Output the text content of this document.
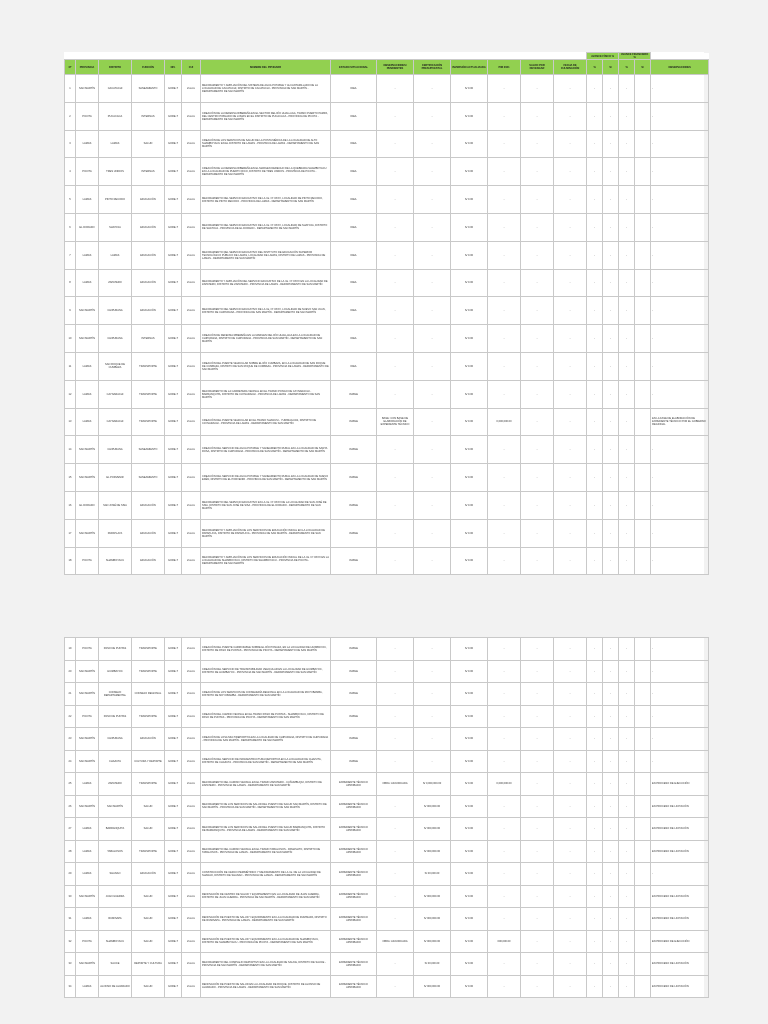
														AVANCE FÍSICO %		AVANCE FINANCIERO %		
Nº	PROVINCIA	DISTRITO	FUNCIÓN	NIV.	CUI	NOMBRE DEL PIP/IOARR	ESTADO SITUACIONAL	OBSERVACIONES/ PENDIENTES	CERTIFICACIÓN PRESUPUESTAL	INVERSIÓN ACTUALIZADA	PIM 2021	SALDO POR DEVENGAR	FECHA DE CULMINACIÓN	%	S/	%	S/	OBSERVACIONES
1	SAN MARTÍN	CACATACHI	SANEAMIENTO	GORE-T	2xxxxx	MEJORAMIENTO Y AMPLIACIÓN DEL SISTEMA DE AGUA POTABLE Y ALCANTARILLADO DE LA LOCALIDAD DE CACATACHI, DISTRITO DE CACATACHI - PROVINCIA DE SAN MARTÍN - DEPARTAMENTO DE SAN MARTÍN	IDEA	-	-	S/ 0.00	-	-	-	-	-	-		-
2	PICOTA	PUCACACA	INTERNAS	GORE-T	2xxxxx	CREACIÓN DE LA DEFENSA RIBEREÑA EN EL SECTOR DEL RÍO HUALLAGA, TRAMO PUERTO PAMPA, DEL CENTRO POBLADO DE LOMAS EN EL DISTRITO DE PUCACACA - PROVINCIA DE PICOTA - DEPARTAMENTO DE SAN MARTÍN	IDEA	-	-	S/ 0.00	-	-	-	-	-	-		-
3	LAMAS	LAMAS	SALUD	GORE-T	2xxxxx	CREACIÓN DE LOS SERVICIOS DE SALUD DE LA POSTA MÉDICA DE LA LOCALIDAD DE ALTO SHAMBOYACU EN EL DISTRITO DE LAMAS - PROVINCIA DE LAMAS - DEPARTAMENTO DE SAN MARTÍN	IDEA	-	-	S/ 0.00	-	-	-	-	-	-		-
4	PICOTA	TRES UNIDOS	INTERNAS	GORE-T	2xxxxx	CREACIÓN DE LA DEFENSA RIBEREÑA EN EL MARGEN DERECHO DE LA QUEBRADA SHAMBOYACU EN LA LOCALIDAD DE PUERTO RICO, DISTRITO DE TRES UNIDOS - PROVINCIA DE PICOTA - DEPARTAMENTO DE SAN MARTÍN	IDEA	-	-	S/ 0.00	-	-	-	-	-	-		-
5	LAMAS	PINTO RECODO	EDUCACIÓN	GORE-T	2xxxxx	MEJORAMIENTO DEL SERVICIO EDUCATIVO DE LA I.E. Nº 0XXX, LOCALIDAD DE PINTO RECODO, DISTRITO DE PINTO RECODO - PROVINCIA DE LAMAS - DEPARTAMENTO DE SAN MARTÍN	IDEA	-	-	S/ 0.00	-	-	-	-	-	-		-
6	EL DORADO	SHATOJA	EDUCACIÓN	GORE-T	2xxxxx	MEJORAMIENTO DEL SERVICIO EDUCATIVO DE LA I.E. Nº 0XXX, LOCALIDAD DE SHATOJA, DISTRITO DE SHATOJA - PROVINCIA DE EL DORADO - DEPARTAMENTO DE SAN MARTÍN	IDEA	-	-	S/ 0.00	-	-	-	-	-	-		-
7	LAMAS	LAMAS	EDUCACIÓN	GORE-T	2xxxxx	MEJORAMIENTO DEL SERVICIO EDUCATIVO DEL INSTITUTO DE EDUCACIÓN SUPERIOR TECNOLÓGICO PÚBLICO DE LAMAS, LOCALIDAD DE LAMAS, DISTRITO DE LAMAS - PROVINCIA DE LAMAS - DEPARTAMENTO DE SAN MARTÍN	IDEA	-	-	S/ 0.00	-	-	-	-	-	-		-
8	LAMAS	ZAPATERO	EDUCACIÓN	GORE-T	2xxxxx	MEJORAMIENTO Y AMPLIACIÓN DEL SERVICIO EDUCATIVO DE LA I.E. Nº 0XXX EN LA LOCALIDAD DE ZAPATERO, DISTRITO DE ZAPATERO - PROVINCIA DE LAMAS - DEPARTAMENTO DE SAN MARTÍN	IDEA	-	-	S/ 0.00	-	-	-	-	-	-		-
9	SAN MARTÍN	CHIPURANA	EDUCACIÓN	GORE-T	2xxxxx	MEJORAMIENTO DEL SERVICIO EDUCATIVO DE LA I.E. Nº 0XXX, LOCALIDAD DE NUEVO SAN JUAN, DISTRITO DE CHIPURANA - PROVINCIA DE SAN MARTÍN - DEPARTAMENTO DE SAN MARTÍN	IDEA	-	-	S/ 0.00	-	-	-	-	-	-		-
10	SAN MARTÍN	CHIPURANA	INTERNAS	GORE-T	2xxxxx	CREACIÓN DE DEFENSA RIBEREÑA EN LA MARGEN DEL RÍO HUALLAGA EN LA LOCALIDAD DE CHIPURANA, DISTRITO DE CHIPURANA - PROVINCIA DE SAN MARTÍN - DEPARTAMENTO DE SAN MARTÍN	IDEA	-	-	S/ 0.00	-	-	-	-	-	-		-
11	LAMAS	SAN ROQUE DE CUMBAZA	TRANSPORTE	GORE-T	2xxxxx	CREACIÓN DEL PUENTE VEHICULAR SOBRE EL RÍO CUMBAZA, EN LA LOCALIDAD DE SAN ROQUE DE CUMBAZA, DISTRITO DE SAN ROQUE DE CUMBAZA - PROVINCIA DE LAMAS - DEPARTAMENTO DE SAN MARTÍN	IDEA	-	-	S/ 0.00	-	-	-	-	-	-		-
12	LAMAS	CAYNARACHI	TRANSPORTE	GORE-T	2xxxxx	MEJORAMIENTO DE LA CARRETERA VECINAL EN EL TRAMO PONGO DE CAYNARACHI - BARRANQUITA, DISTRITO DE CAYNARACHI - PROVINCIA DE LAMAS - DEPARTAMENTO DE SAN MARTÍN	VIABLE	-	-	S/ 0.00	-	-	-	-	-	-		-
13	LAMAS	CAYNARACHI	TRANSPORTE	GORE-T	2xxxxx	CREACIÓN DEL PUENTE VEHICULAR EN EL TRAMO SHANUSI - YURIMAGUAS, DISTRITO DE CAYNARACHI - PROVINCIA DE LAMAS - DEPARTAMENTO DE SAN MARTÍN	VIABLE	BASE: CON BASE DE ELABORACIÓN DE EXPEDIENTE TÉCNICO	-	S/ 0.00	0,000,000.00	-	-	-	-	-		EN LA FASE DE ELABORACIÓN DE EXPEDIENTE TÉCNICO POR EL GOBIERNO REGIONAL
14	SAN MARTÍN	CHIPURANA	SANEAMIENTO	GORE-T	2xxxxx	CREACIÓN DEL SERVICIO DE AGUA POTABLE Y SANEAMIENTO RURAL EN LA LOCALIDAD DE SANTA ROSA, DISTRITO DE CHIPURANA - PROVINCIA DE SAN MARTÍN - DEPARTAMENTO DE SAN MARTÍN	VIABLE	-	-	S/ 0.00	-	-	-	-	-	-		-
15	SAN MARTÍN	EL PORVENIR	SANEAMIENTO	GORE-T	2xxxxx	CREACIÓN DEL SERVICIO DE AGUA POTABLE Y SANEAMIENTO RURAL EN LA LOCALIDAD DE NUEVO EDÉN, DISTRITO DE EL PORVENIR - PROVINCIA DE SAN MARTÍN - DEPARTAMENTO DE SAN MARTÍN	VIABLE	-	-	S/ 0.00	-	-	-	-	-	-		-
16	EL DORADO	SAN JOSÉ DE SISA	EDUCACIÓN	GORE-T	2xxxxx	MEJORAMIENTO DEL SERVICIO EDUCATIVO EN LA I.E. Nº 0XXX DE LA LOCALIDAD DE SAN JOSÉ DE SISA, DISTRITO DE SAN JOSÉ DE SISA - PROVINCIA DE EL DORADO - DEPARTAMENTO DE SAN MARTÍN	VIABLE	-	-	S/ 0.00	-	-	-	-	-	-		-
17	SAN MARTÍN	PAPAPLAYA	EDUCACIÓN	GORE-T	2xxxxx	MEJORAMIENTO Y AMPLIACIÓN DE LOS SERVICIOS DE EDUCACIÓN INICIAL EN LA LOCALIDAD DE PAPAPLAYA, DISTRITO DE PAPAPLAYA - PROVINCIA DE SAN MARTÍN - DEPARTAMENTO DE SAN MARTÍN	VIABLE	-	-	S/ 0.00	-	-	-	-	-	-		-
18	PICOTA	SHAMBOYACU	EDUCACIÓN	GORE-T	2xxxxx	MEJORAMIENTO Y AMPLIACIÓN DE LOS SERVICIOS DE EDUCACIÓN INICIAL DE LA I.E. Nº 0XXX EN LA LOCALIDAD DE SHAMBOYACU, DISTRITO DE SHAMBOYACU - PROVINCIA DE PICOTA - DEPARTAMENTO DE SAN MARTÍN	VIABLE	-	-	S/ 0.00	-	-	-	-	-	-		-
19	PICOTA	PASO DE PUNTAS	TRANSPORTE	GORE-T	2xxxxx	CREACIÓN DEL PUENTE CARROZABLE SOBRE EL RÍO PONAZA, EN LA LOCALIDAD DE HUIMBAYOC, DISTRITO DE PASO DE PUNTAS - PROVINCIA DE PICOTA - DEPARTAMENTO DE SAN MARTÍN	VIABLE	-	-	S/ 0.00	-	-	-	-	-	-		-
20	SAN MARTÍN	HUIMBAYOC	TRANSPORTE	GORE-T	2xxxxx	CREACIÓN DEL SERVICIO DE TRANSITABILIDAD VEHICULAR EN LA LOCALIDAD DE HUIMBAYOC, DISTRITO DE HUIMBAYOC - PROVINCIA DE SAN MARTÍN - DEPARTAMENTO DE SAN MARTÍN	VIABLE	-	-	S/ 0.00	-	-	-	-	-	-		-
21	SAN MARTÍN	CONSEJO DEPARTAMENTAL	CONSEJO REGIONAL	GORE-T	2xxxxx	CREACIÓN DE LOS SERVICIOS DE CONSEJERÍA REGIONAL EN LA LOCALIDAD DE MOYOBAMBA, DISTRITO DE MOYOBAMBA - DEPARTAMENTO DE SAN MARTÍN	VIABLE	-	-	S/ 0.00	-	-	-	-	-	-		-
22	PICOTA	PASO DE PUNTAS	TRANSPORTE	GORE-T	2xxxxx	CREACIÓN DEL CAMINO VECINAL EN EL TRAMO PASO DE PUNTAS - SHAMBOYACU, DISTRITO DE PASO DE PUNTAS - PROVINCIA DE PICOTA - DEPARTAMENTO DE SAN MARTÍN	VIABLE	-	-	S/ 0.00	-	-	-	-	-	-		-
23	SAN MARTÍN	CHIPURANA	EDUCACIÓN	GORE-T	2xxxxx	CREACIÓN DE LOSA MULTIDEPORTIVA EN LA LOCALIDAD DE CHIPURANA, DISTRITO DE CHIPURANA - PROVINCIA DE SAN MARTÍN - DEPARTAMENTO DE SAN MARTÍN	VIABLE	-	-	S/ 0.00	-	-	-	-	-	-		-
24	SAN MARTÍN	CHAZUTA	CULTURA Y DEPORTE	GORE-T	2xxxxx	CREACIÓN DEL SERVICIO DE INFRAESTRUCTURA DEPORTIVA EN LA LOCALIDAD DE CHAZUTA, DISTRITO DE CHAZUTA - PROVINCIA DE SAN MARTÍN - DEPARTAMENTO DE SAN MARTÍN	VIABLE	-	-	S/ 0.00	-	-	-	-	-	-		-
25	LAMAS	ZAPATERO	TRANSPORTE	GORE-T	2xxxxx	MEJORAMIENTO DEL CAMINO VECINAL EN EL TRAMO ZAPATERO - CUÑUMBUQUI, DISTRITO DE ZAPATERO - PROVINCIA DE LAMAS - DEPARTAMENTO DE SAN MARTÍN	EXPEDIENTE TÉCNICO APROBADO	OBRA: ADJUDICADA	S/ 0,000,000.00	S/ 0.00	0,000,000.00	-	-	-	-	-		EN PROCESO DE EJECUCIÓN
26	SAN MARTÍN	SAN MARTÍN	SALUD	GORE-T	2xxxxx	MEJORAMIENTO DE LOS SERVICIOS DE SALUD DEL PUESTO DE SALUD SAN MARTÍN, DISTRITO DE SAN MARTÍN - PROVINCIA DE SAN MARTÍN - DEPARTAMENTO DE SAN MARTÍN	EXPEDIENTE TÉCNICO APROBADO	-	S/ 000,000.00	S/ 0.00	-	-	-	-	-	-		EN PROCESO DE LICITACIÓN
27	LAMAS	BARRANQUITA	SALUD	GORE-T	2xxxxx	MEJORAMIENTO DE LOS SERVICIOS DE SALUD DEL PUESTO DE SALUD BARRANQUITA, DISTRITO DE BARRANQUITA - PROVINCIA DE LAMAS - DEPARTAMENTO DE SAN MARTÍN	EXPEDIENTE TÉCNICO APROBADO	-	S/ 000,000.00	S/ 0.00	-	-	-	-	-	-		EN PROCESO DE LICITACIÓN
28	LAMAS	TABALOSOS	TRANSPORTE	GORE-T	2xxxxx	MEJORAMIENTO DEL CAMINO VECINAL EN EL TRAMO TABALOSOS - PAMASHTO, DISTRITO DE TABALOSOS - PROVINCIA DE LAMAS - DEPARTAMENTO DE SAN MARTÍN	EXPEDIENTE TÉCNICO APROBADO	-	S/ 000,000.00	S/ 0.00	-	-	-	-	-	-		EN PROCESO DE LICITACIÓN
29	LAMAS	SHANAO	EDUCACIÓN	GORE-T	2xxxxx	CONSTRUCCIÓN DE CERCO PERIMÉTRICO Y MEJORAMIENTO DE LA I.E. DE LA LOCALIDAD DE SHANAO, DISTRITO DE SHANAO - PROVINCIA DE LAMAS - DEPARTAMENTO DE SAN MARTÍN	EXPEDIENTE TÉCNICO APROBADO	-	S/ 00,000.00	S/ 0.00	-	-	-	-	-	-		-
30	SAN MARTÍN	JUAN GUERRA	SALUD	GORE-T	2xxxxx	RENOVACIÓN DE CENTRO DE SALUD Y EQUIPAMIENTO EN LA LOCALIDAD DE JUAN GUERRA, DISTRITO DE JUAN GUERRA - PROVINCIA DE SAN MARTÍN - DEPARTAMENTO DE SAN MARTÍN	EXPEDIENTE TÉCNICO APROBADO	-	S/ 000,000.00	S/ 0.00	-	-	-	-	-	-		EN PROCESO DE LICITACIÓN
31	LAMAS	RUMISAPA	SALUD	GORE-T	2xxxxx	RENOVACIÓN DE PUESTO DE SALUD Y EQUIPAMIENTO EN LA LOCALIDAD DE RUMISAPA, DISTRITO DE RUMISAPA - PROVINCIA DE LAMAS - DEPARTAMENTO DE SAN MARTÍN	EXPEDIENTE TÉCNICO APROBADO	-	S/ 000,000.00	S/ 0.00	-	-	-	-	-	-		EN PROCESO DE LICITACIÓN
32	PICOTA	SHAMBOYACU	SALUD	GORE-T	2xxxxx	RENOVACIÓN DE PUESTO DE SALUD Y EQUIPAMIENTO EN LA LOCALIDAD DE SHAMBOYACU, DISTRITO DE SHAMBOYACU - PROVINCIA DE PICOTA - DEPARTAMENTO DE SAN MARTÍN	EXPEDIENTE TÉCNICO APROBADO	OBRA: ADJUDICADA	S/ 000,000.00	S/ 0.00	000,000.00	-	-	-	-	-		EN PROCESO DE EJECUCIÓN
33	SAN MARTÍN	SAUCE	DEPORTE Y CULTURA	GORE-T	2xxxxx	MEJORAMIENTO DEL COMPLEJO DEPORTIVO EN LA LOCALIDAD DE SAUCE, DISTRITO DE SAUCE - PROVINCIA DE SAN MARTÍN - DEPARTAMENTO DE SAN MARTÍN	EXPEDIENTE TÉCNICO APROBADO	-	S/ 00,000.00	S/ 0.00	-	-	-	-	-	-		EN PROCESO DE LICITACIÓN
34	LAMAS	ALONSO DE ALVARADO	SALUD	GORE-T	2xxxxx	RENOVACIÓN DE PUESTO DE SALUD EN LA LOCALIDAD DE ROQUE, DISTRITO DE ALONSO DE ALVARADO - PROVINCIA DE LAMAS - DEPARTAMENTO DE SAN MARTÍN	EXPEDIENTE TÉCNICO APROBADO	-	S/ 000,000.00	S/ 0.00	-	-	-	-	-	-		EN PROCESO DE LICITACIÓN
